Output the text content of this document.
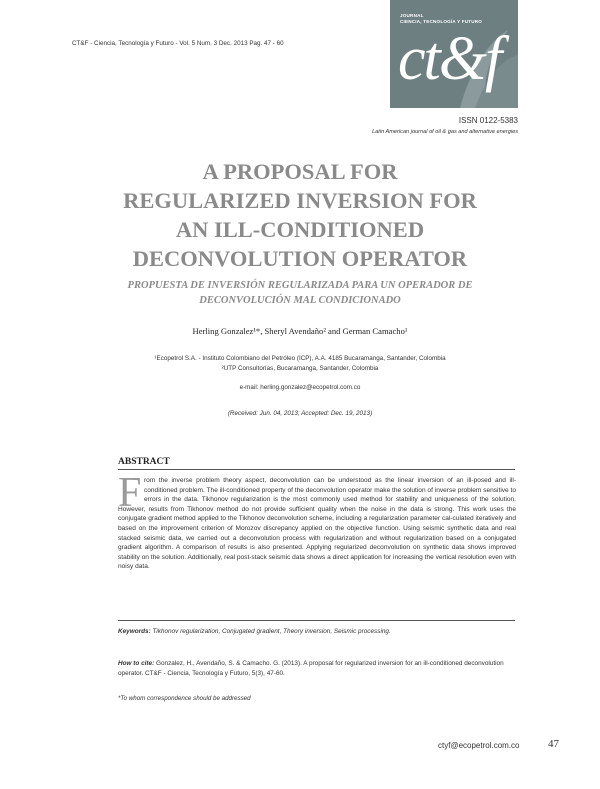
CT&F - Ciencia, Tecnología y Futuro - Vol. 5 Num. 3 Dec. 2013 Pag. 47 - 60
JOURNAL
CIENCIA, TECNOLOGÍA Y FUTURO
ct&f
ISSN 0122-5383
Latin American journal of oil & gas and alternative energies
A PROPOSAL FOR
REGULARIZED INVERSION FOR
AN ILL-CONDITIONED
DECONVOLUTION OPERATOR
PROPUESTA DE INVERSIÓN REGULARIZADA PARA UN OPERADOR DE
DECONVOLUCIÓN MAL CONDICIONADO
Herling Gonzalez¹*, Sheryl Avendaño² and German Camacho¹
¹Ecopetrol S.A. - Instituto Colombiano del Petróleo (ICP), A.A. 4185 Bucaramanga, Santander, Colombia
²UTP Consultorías, Bucaramanga, Santander, Colombia
e-mail: herling.gonzalez@ecopetrol.com.co
(Received: Jun. 04, 2013; Accepted: Dec. 19, 2013)
ABSTRACT
F rom the inverse problem theory aspect, deconvolution can be understood as the linear inversion of an ill-posed and ill-conditioned problem. The ill-conditioned property of the deconvolution operator make the solution of inverse problem sensitive to errors in the data. Tikhonov regularization is the most commonly used method for stability and uniqueness of the solution. However, results from Tikhonov method do not provide sufficient quality when the noise in the data is strong. This work uses the conjugate gradient method applied to the Tikhonov deconvolution scheme, including a regularization parameter cal-culated iteratively and based on the improvement criterion of Morozov discrepancy applied on the objective function. Using seismic synthetic data and real stacked seismic data, we carried out a deconvolution process with regularization and without regularization based on a conjugated gradient algorithm. A comparison of results is also presented. Applying regularized deconvolution on synthetic data shows improved stability on the solution. Additionally, real post-stack seismic data shows a direct application for increasing the vertical resolution even with noisy data.
Keywords: Tikhonov regularization, Conjugated gradient, Theory inversion, Seismic processing.
How to cite: Gonzalez, H., Avendaño, S. & Camacho. G. (2013). A proposal for regularized inversion for an ill-conditioned deconvolution operator. CT&F - Ciencia, Tecnología y Futuro, 5(3), 47-60.
*To whom correspondence should be addressed
ctyf@ecopetrol.com.co	47
